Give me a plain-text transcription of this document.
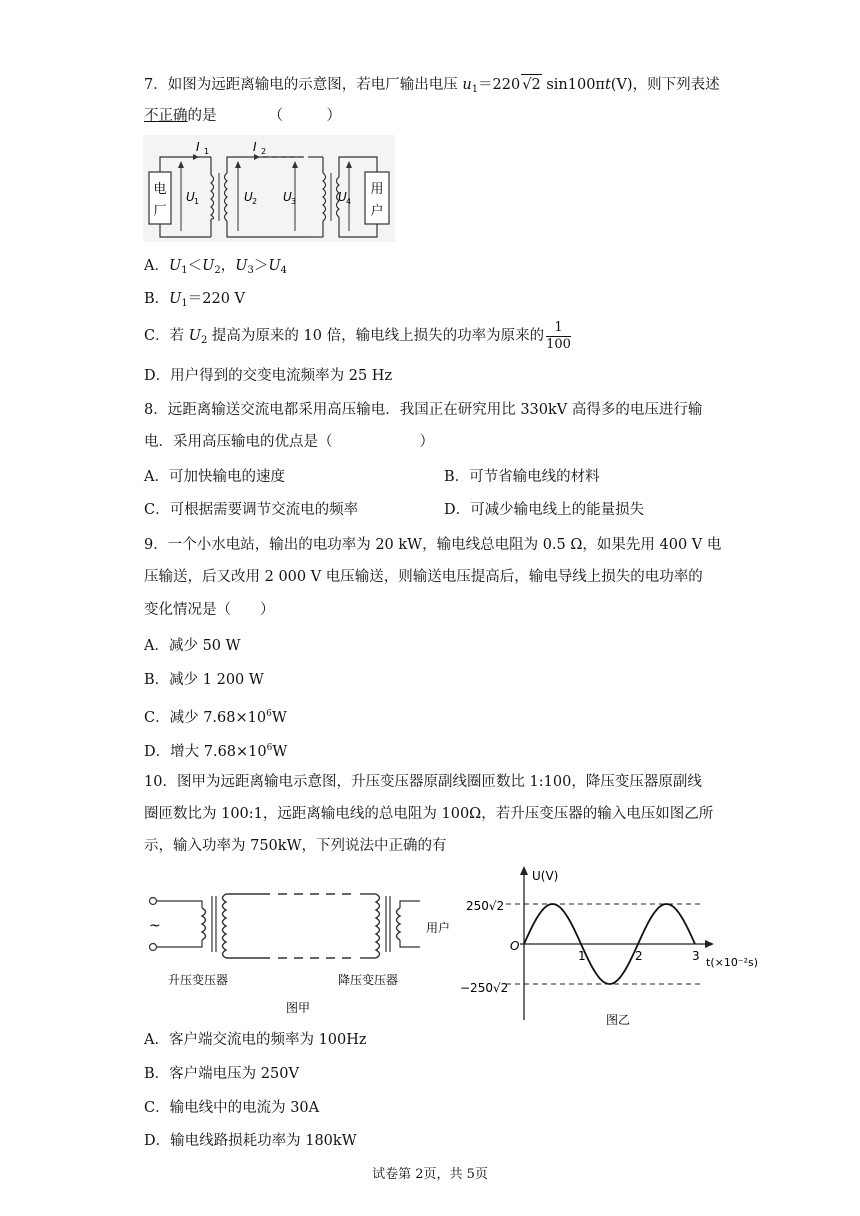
7．如图为远距离输电的示意图，若电厂输出电压 $u_1=220$ √2 sin100πt(V)，则下列表述
不正确的是	（　　　）
电
厂
I 1
U 1
I 2
U 2 U 3
用
户
U 4
A．$U_1<U_2$，$U_3>U_4$
B．$U_1=220$ V
C．若 $U_2$ 提高为原来的 10 倍，输电线上损失的功率为原来的 $\frac{1}{100}$
D．用户得到的交变电流频率为 25 Hz
8．远距离输送交流电都采用高压输电．我国正在研究用比 330kV 高得多的电压进行输
电．采用高压输电的优点是（　　　　　　）
A．可加快输电的速度	B．可节省输电线的材料
C．可根据需要调节交流电的频率	D．可减少输电线上的能量损失
9．一个小水电站，输出的电功率为 20 kW，输电线总电阻为 0.5 Ω，如果先用 400 V 电
压输送，后又改用 2 000 V 电压输送，则输送电压提高后，输电导线上损失的电功率的
变化情况是（　　）
A．减少 50 W
B．减少 1 200 W
C．减少 $7.68\times 10^6W$
D．增大 $7.68\times 10^6W$
10．图甲为远距离输电示意图，升压变压器原副线圈匝数比 1:100，降压变压器原副线
圈匝数比为 100:1，远距离输电线的总电阻为 100Ω，若升压变压器的输入电压如图乙所
示，输入功率为 750kW，下列说法中正确的有
~	用户
升压变压器	降压变压器
图甲
U(V)
t(×10⁻²s)
O
250√2
−250√2
1	2	3
图乙
A．客户端交流电的频率为 100Hz
B．客户端电压为 250V
C．输电线中的电流为 30A
D．输电线路损耗功率为 180kW
试卷第 2页，共 5页
